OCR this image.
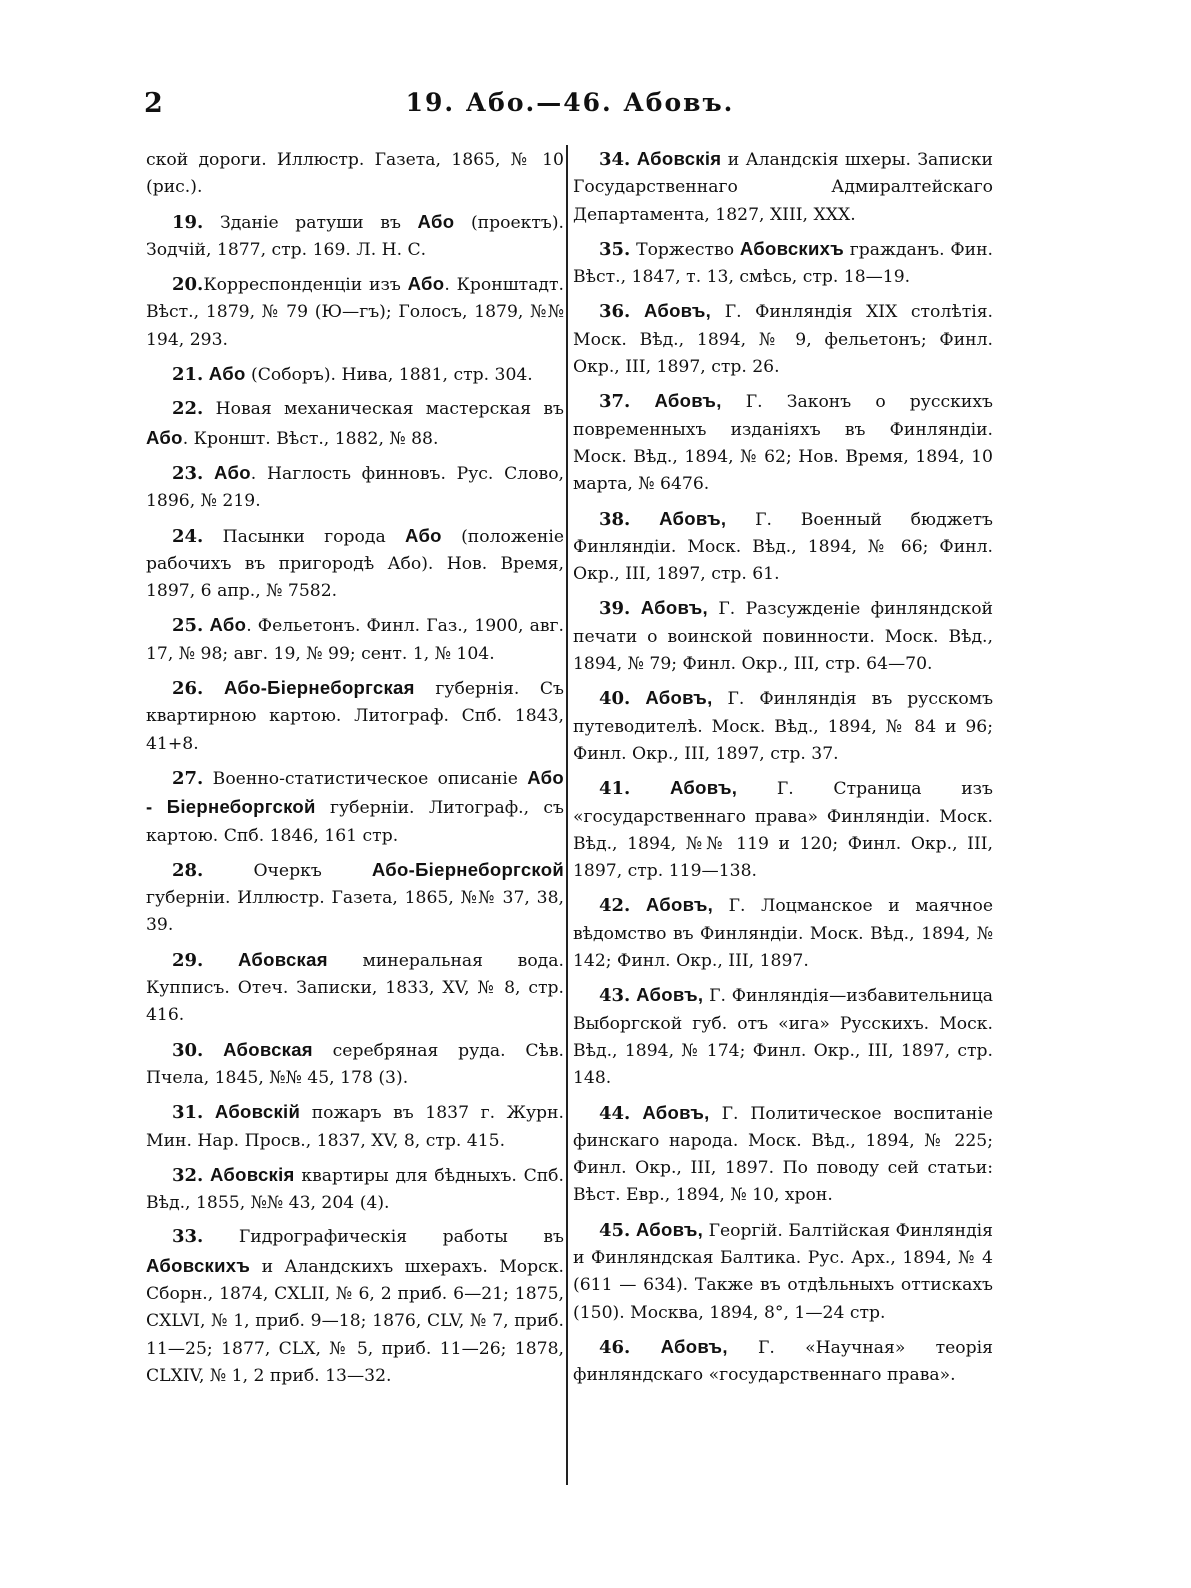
2	19. Або.—46. Абовъ.

ской дороги. Иллюстр. Газета, 1865, № 10 (рис.).

19. Зданіе ратуши въ Або (проектъ). Зодчій, 1877, стр. 169. Л. Н. С.

20.Корреспонденціи изъ Або. Кронштадт. Вѣст., 1879, № 79 (Ю—гъ); Голосъ, 1879, №№ 194, 293.

21. Або (Соборъ). Нива, 1881, стр. 304.

22. Новая механическая мастерская въ Або. Кроншт. Вѣст., 1882, № 88.

23. Або. Наглость финновъ. Рус. Слово, 1896, № 219.

24. Пасынки города Або (положеніе рабочихъ въ пригородѣ Або). Нов. Время, 1897, 6 апр., № 7582.

25. Або. Фельетонъ. Финл. Газ., 1900, авг. 17, № 98; авг. 19, № 99; сент. 1, № 104.

26. Або-Біернеборгская губернія. Съ квартирною картою. Литограф. Спб. 1843, 41+8.

27. Военно-статистическое описаніе Або - Біернеборгской губерніи. Литограф., съ картою. Спб. 1846, 161 стр.

28. Очеркъ Або-Біернеборгской губерніи. Иллюстр. Газета, 1865, №№ 37, 38, 39.

29. Абовская минеральная вода. Купписъ. Отеч. Записки, 1833, XV, № 8, стр. 416.

30. Абовская серебряная руда. Сѣв. Пчела, 1845, №№ 45, 178 (3).

31. Абовскій пожаръ въ 1837 г. Журн. Мин. Нар. Просв., 1837, XV, 8, стр. 415.

32. Абовскія квартиры для бѣдныхъ. Спб. Вѣд., 1855, №№ 43, 204 (4).

33. Гидрографическія работы въ Абовскихъ и Аландскихъ шхерахъ. Морск. Сборн., 1874, CXLII, № 6, 2 приб. 6—21; 1875, CXLVI, № 1, приб. 9—18; 1876, CLV, № 7, приб. 11—25; 1877, CLX, № 5, приб. 11—26; 1878, CLXIV, № 1, 2 приб. 13—32.

34. Абовскія и Аландскія шхеры. Записки Государственнаго Адмиралтейскаго Департамента, 1827, XIII, XXX.

35. Торжество Абовскихъ гражданъ. Фин. Вѣст., 1847, т. 13, смѣсь, стр. 18—19.

36. Абовъ, Г. Финляндія XIX столѣтія. Моск. Вѣд., 1894, № 9, фельетонъ; Финл. Окр., III, 1897, стр. 26.

37. Абовъ, Г. Законъ о русскихъ повременныхъ изданіяхъ въ Финляндіи. Моск. Вѣд., 1894, № 62; Нов. Время, 1894, 10 марта, № 6476.

38. Абовъ, Г. Военный бюджетъ Финляндіи. Моск. Вѣд., 1894, № 66; Финл. Окр., III, 1897, стр. 61.

39. Абовъ, Г. Разсужденіе финляндской печати о воинской повинности. Моск. Вѣд., 1894, № 79; Финл. Окр., III, стр. 64—70.

40. Абовъ, Г. Финляндія въ русскомъ путеводителѣ. Моск. Вѣд., 1894, № 84 и 96; Финл. Окр., III, 1897, стр. 37.

41. Абовъ, Г. Страница изъ «государственнаго права» Финляндіи. Моск. Вѣд., 1894, №№ 119 и 120; Финл. Окр., III, 1897, стр. 119—138.

42. Абовъ, Г. Лоцманское и маячное вѣдомство въ Финляндіи. Моск. Вѣд., 1894, № 142; Финл. Окр., III, 1897.

43. Абовъ, Г. Финляндія—избавительница Выборгской губ. отъ «ига» Русскихъ. Моск. Вѣд., 1894, № 174; Финл. Окр., III, 1897, стр. 148.

44. Абовъ, Г. Политическое воспитаніе финскаго народа. Моск. Вѣд., 1894, № 225; Финл. Окр., III, 1897. По поводу сей статьи: Вѣст. Евр., 1894, № 10, хрон.

45. Абовъ, Георгій. Балтійская Финляндія и Финляндская Балтика. Рус. Арх., 1894, № 4 (611 — 634). Также въ отдѣльныхъ оттискахъ (150). Москва, 1894, 8°, 1—24 стр.

46. Абовъ, Г. «Научная» теорія финляндскаго «государственнаго права».
